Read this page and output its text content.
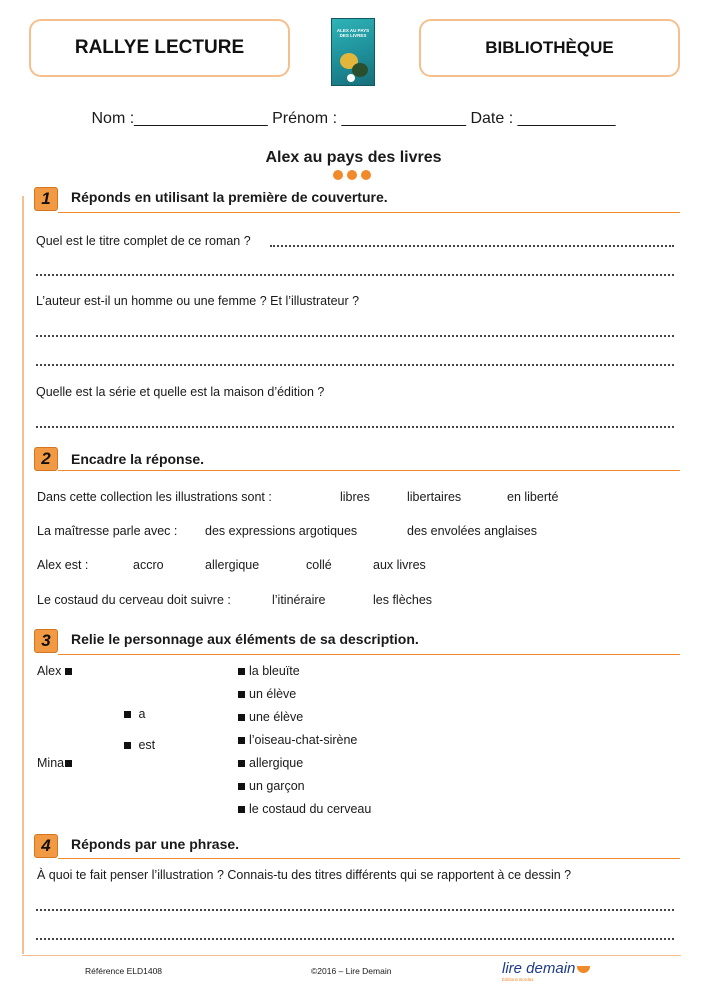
RALLYE LECTURE
ALEX AU PAYS DES LIVRES
BIBLIOTHÈQUE
Nom :_______________ Prénom : ______________ Date : ___________
Alex au pays des livres
1	Réponds en utilisant la première de couverture.
Quel est le titre complet de ce roman ?
L’auteur est-il un homme ou une femme ? Et l’illustrateur ?
Quelle est la série et quelle est la maison d’édition ?
2	Encadre la réponse.
Dans cette collection les illustrations sont :	libres	libertaires	en liberté
La maîtresse parle avec : des expressions argotiques	des envolées anglaises
Alex est :	accro	allergique	collé	aux livres
Le costaud du cerveau doit suivre :	l’itinéraire	les flèches
3	Relie le personnage aux éléments de sa description.
Alex
Mina
a
est
la bleuïte
un élève
une élève
l’oiseau-chat-sirène
allergique
un garçon
le costaud du cerveau
4	Réponds par une phrase.
À quoi te fait penser l’illustration ? Connais-tu des titres différents qui se rapportent à ce dessin ?
Référence ELD1408	©2016 – Lire Demain	lire demain
Éditions Bordas
